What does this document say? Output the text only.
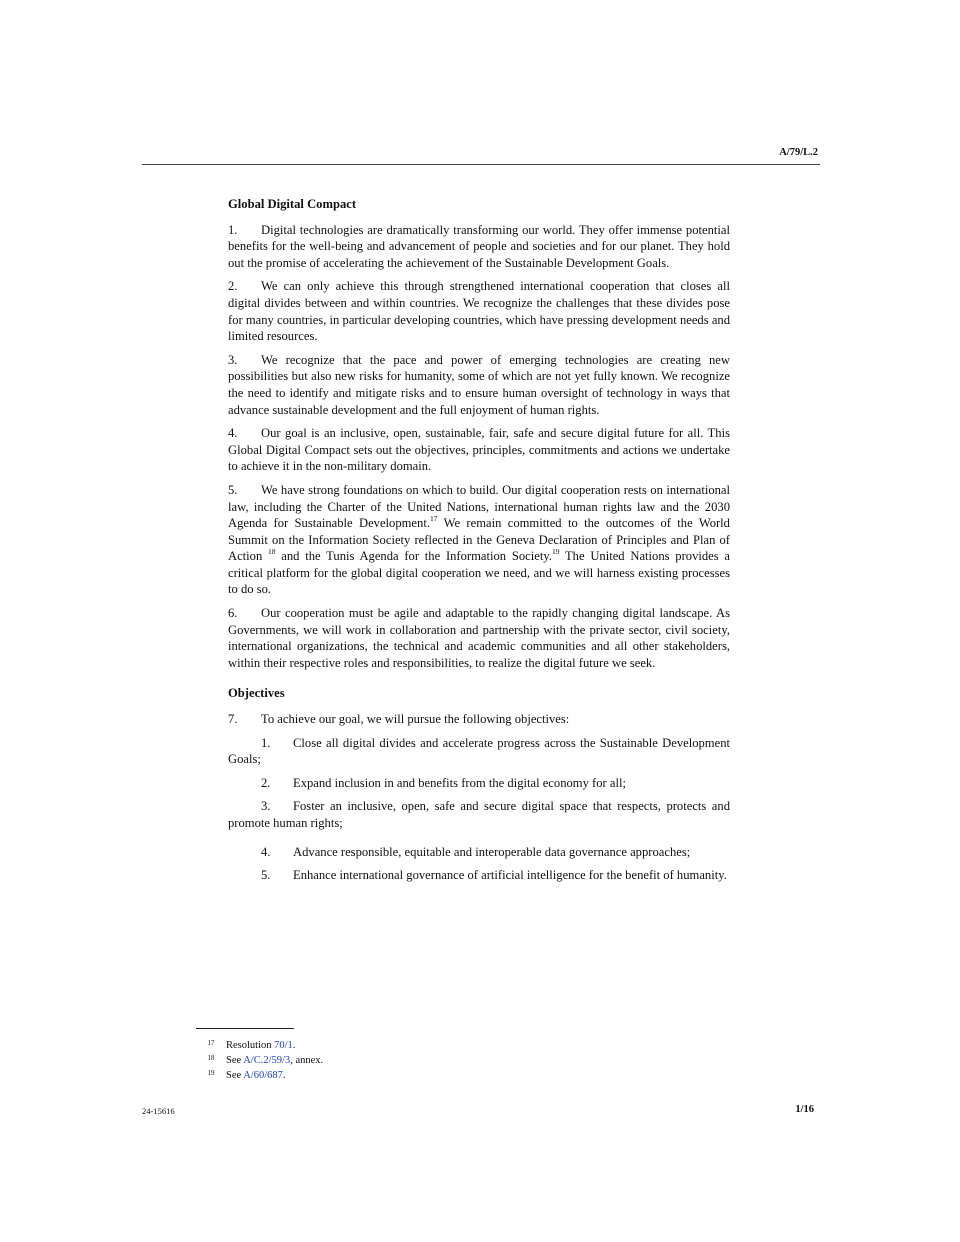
A/79/L.2
Global Digital Compact

1. Digital technologies are dramatically transforming our world. They offer immense potential benefits for the well-being and advancement of people and societies and for our planet. They hold out the promise of accelerating the achievement of the Sustainable Development Goals.

2. We can only achieve this through strengthened international cooperation that closes all digital divides between and within countries. We recognize the challenges that these divides pose for many countries, in particular developing countries, which have pressing development needs and limited resources.

3. We recognize that the pace and power of emerging technologies are creating new possibilities but also new risks for humanity, some of which are not yet fully known. We recognize the need to identify and mitigate risks and to ensure human oversight of technology in ways that advance sustainable development and the full enjoyment of human rights.

4. Our goal is an inclusive, open, sustainable, fair, safe and secure digital future for all. This Global Digital Compact sets out the objectives, principles, commitments and actions we undertake to achieve it in the non-military domain.

5. We have strong foundations on which to build. Our digital cooperation rests on international law, including the Charter of the United Nations, international human rights law and the 2030 Agenda for Sustainable Development.$^{17}$ We remain committed to the outcomes of the World Summit on the Information Society reflected in the Geneva Declaration of Principles and Plan of Action $^{18}$ and the Tunis Agenda for the Information Society.$^{19}$ The United Nations provides a critical platform for the global digital cooperation we need, and we will harness existing processes to do so.

6. Our cooperation must be agile and adaptable to the rapidly changing digital landscape. As Governments, we will work in collaboration and partnership with the private sector, civil society, international organizations, the technical and academic communities and all other stakeholders, within their respective roles and responsibilities, to realize the digital future we seek.

Objectives

7. To achieve our goal, we will pursue the following objectives:

1. Close all digital divides and accelerate progress across the Sustainable Development Goals;

2. Expand inclusion in and benefits from the digital economy for all;

3. Foster an inclusive, open, safe and secure digital space that respects, protects and promote human rights;

4. Advance responsible, equitable and interoperable data governance approaches;

5. Enhance international governance of artificial intelligence for the benefit of humanity.

17 Resolution 70/1.
18 See A/C.2/59/3, annex.
19 See A/60/687.
24-15616	1/16
